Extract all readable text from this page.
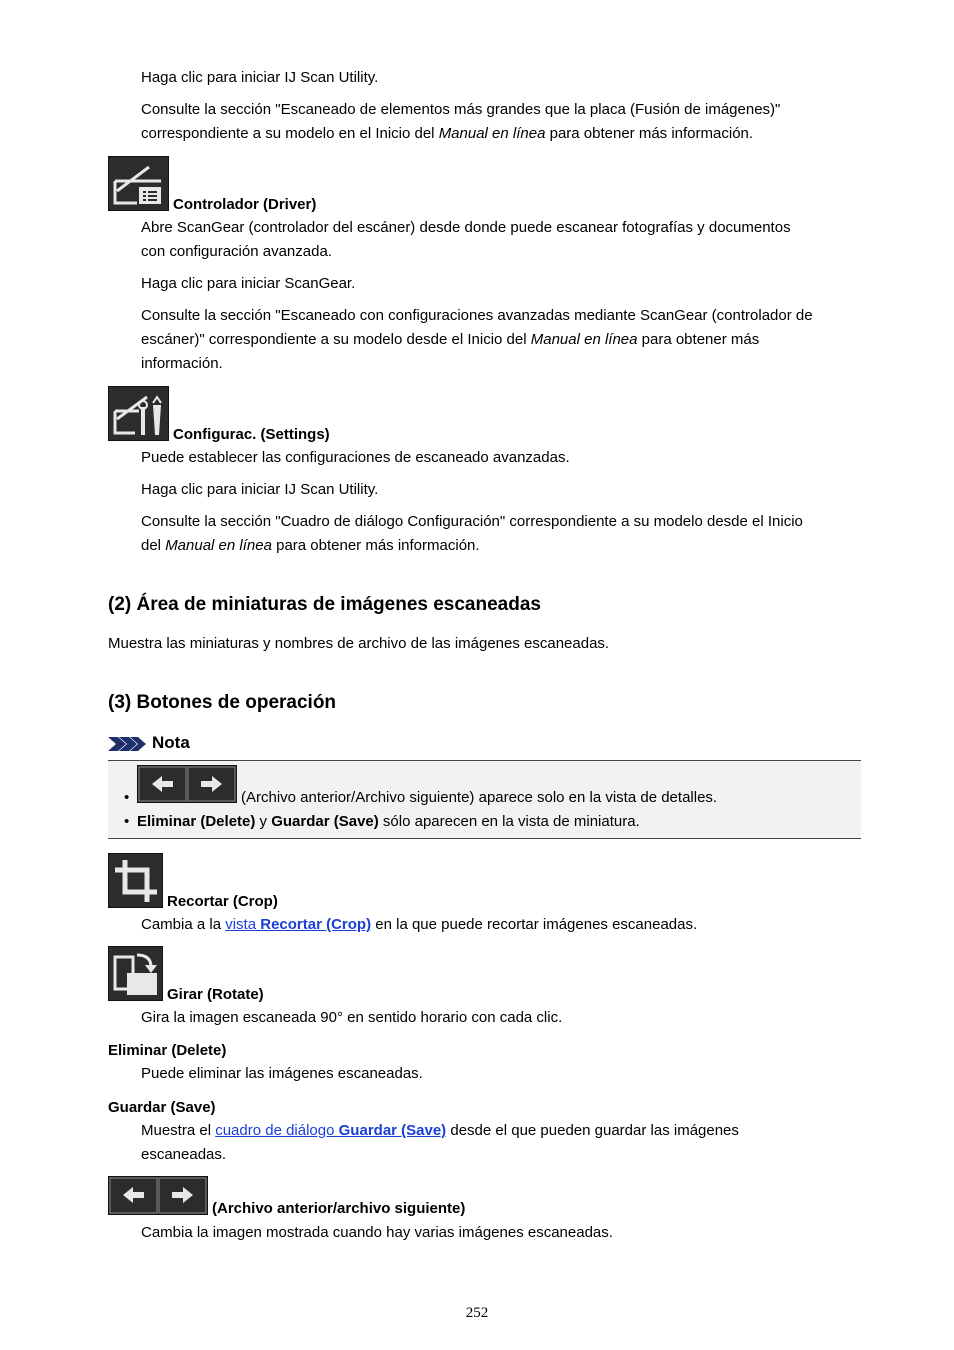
Haga clic para iniciar IJ Scan Utility.
Consulte la sección "Escaneado de elementos más grandes que la placa (Fusión de imágenes)"
correspondiente a su modelo en el Inicio del Manual en línea para obtener más información.
Controlador (Driver)
Abre ScanGear (controlador del escáner) desde donde puede escanear fotografías y documentos
con configuración avanzada.
Haga clic para iniciar ScanGear.
Consulte la sección "Escaneado con configuraciones avanzadas mediante ScanGear (controlador de
escáner)" correspondiente a su modelo desde el Inicio del Manual en línea para obtener más
información.
Configurac. (Settings)
Puede establecer las configuraciones de escaneado avanzadas.
Haga clic para iniciar IJ Scan Utility.
Consulte la sección "Cuadro de diálogo Configuración" correspondiente a su modelo desde el Inicio
del Manual en línea para obtener más información.
(2) Área de miniaturas de imágenes escaneadas
Muestra las miniaturas y nombres de archivo de las imágenes escaneadas.
(3) Botones de operación
Nota
•	(Archivo anterior/Archivo siguiente) aparece solo en la vista de detalles.
• Eliminar (Delete) y Guardar (Save) sólo aparecen en la vista de miniatura.
Recortar (Crop)
Cambia a la vista Recortar (Crop) en la que puede recortar imágenes escaneadas.
Girar (Rotate)
Gira la imagen escaneada 90° en sentido horario con cada clic.
Eliminar (Delete)
Puede eliminar las imágenes escaneadas.
Guardar (Save)
Muestra el cuadro de diálogo Guardar (Save) desde el que pueden guardar las imágenes
escaneadas.
(Archivo anterior/archivo siguiente)
Cambia la imagen mostrada cuando hay varias imágenes escaneadas.
252
